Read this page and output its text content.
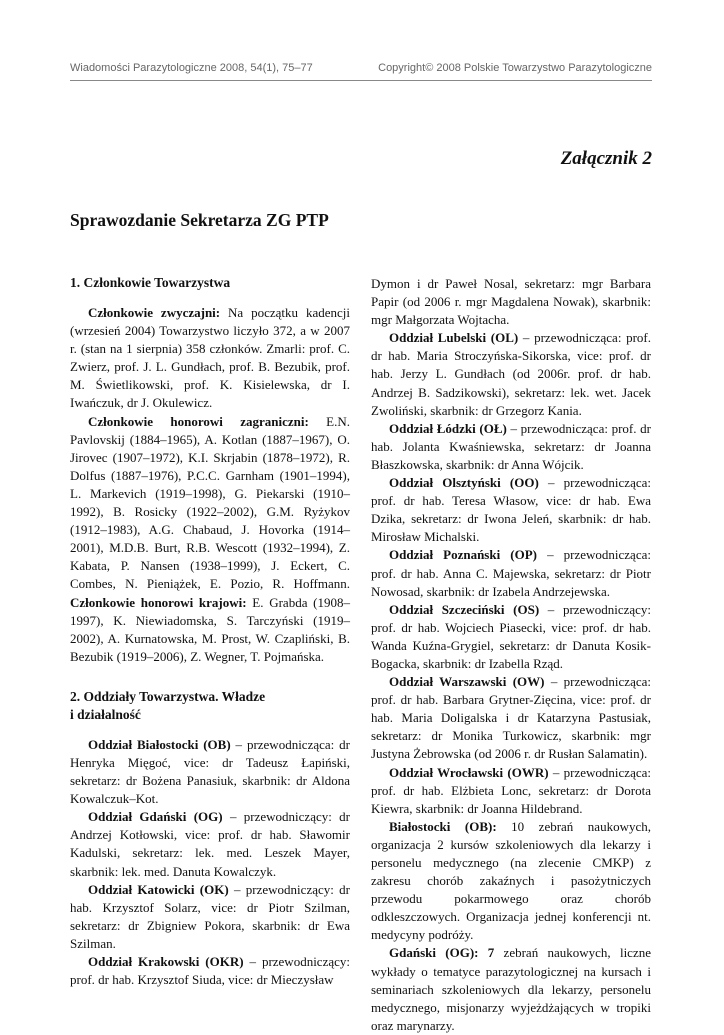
Wiadomości Parazytologiczne 2008, 54(1), 75–77	Copyright© 2008 Polskie Towarzystwo Parazytologiczne
Załącznik 2
Sprawozdanie Sekretarza ZG PTP
1. Członkowie Towarzystwa

Członkowie zwyczajni: Na początku kadencji (wrzesień 2004) Towarzystwo liczyło 372, a w 2007 r. (stan na 1 sierpnia) 358 członków. Zmarli: prof. C. Zwierz, prof. J. L. Gundłach, prof. B. Bezubik, prof. M. Świetlikowski, prof. K. Kisielewska, dr I. Iwańczuk, dr J. Okulewicz.

Członkowie honorowi zagraniczni: E.N. Pavlovskij (1884–1965), A. Kotlan (1887–1967), O. Jirovec (1907–1972), K.I. Skrjabin (1878–1972), R. Dolfus (1887–1976), P.C.C. Garnham (1901–1994), L. Markevich (1919–1998), G. Piekarski (1910–1992), B. Rosicky (1922–2002), G.M. Ryżykov (1912–1983), A.G. Chabaud, J. Hovorka (1914–2001), M.D.B. Burt, R.B. Wescott (1932–1994), Z. Kabata, P. Nansen (1938–1999), J. Eckert, C. Combes, N. Pieniążek, E. Pozio, R. Hoffmann. Członkowie honorowi krajowi: E. Grabda (1908–1997), K. Niewiadomska, S. Tarczyński (1919–2002), A. Kurnatowska, M. Prost, W. Czapliński, B. Bezubik (1919–2006), Z. Wegner, T. Pojmańska.

2. Oddziały Towarzystwa. Władze
i działalność

Oddział Białostocki (OB) – przewodnicząca: dr Henryka Mięgoć, vice: dr Tadeusz Łapiński, sekretarz: dr Bożena Panasiuk, skarbnik: dr Aldona Kowalczuk–Kot.

Oddział Gdański (OG) – przewodniczący: dr Andrzej Kotłowski, vice: prof. dr hab. Sławomir Kadulski, sekretarz: lek. med. Leszek Mayer, skarbnik: lek. med. Danuta Kowalczyk.

Oddział Katowicki (OK) – przewodniczący: dr hab. Krzysztof Solarz, vice: dr Piotr Szilman, sekretarz: dr Zbigniew Pokora, skarbnik: dr Ewa Szilman.

Oddział Krakowski (OKR) – przewodniczący: prof. dr hab. Krzysztof Siuda, vice: dr Mieczysław

Dymon i dr Paweł Nosal, sekretarz: mgr Barbara Papir (od 2006 r. mgr Magdalena Nowak), skarbnik: mgr Małgorzata Wojtacha.

Oddział Lubelski (OL) – przewodnicząca: prof. dr hab. Maria Stroczyńska-Sikorska, vice: prof. dr hab. Jerzy L. Gundłach (od 2006r. prof. dr hab. Andrzej B. Sadzikowski), sekretarz: lek. wet. Jacek Zwoliński, skarbnik: dr Grzegorz Kania.

Oddział Łódzki (OŁ) – przewodnicząca: prof. dr hab. Jolanta Kwaśniewska, sekretarz: dr Joanna Błaszkowska, skarbnik: dr Anna Wójcik.

Oddział Olsztyński (OO) – przewodnicząca: prof. dr hab. Teresa Własow, vice: dr hab. Ewa Dzika, sekretarz: dr Iwona Jeleń, skarbnik: dr hab. Mirosław Michalski.

Oddział Poznański (OP) – przewodnicząca: prof. dr hab. Anna C. Majewska, sekretarz: dr Piotr Nowosad, skarbnik: dr Izabela Andrzejewska.

Oddział Szczeciński (OS) – przewodniczący: prof. dr hab. Wojciech Piasecki, vice: prof. dr hab. Wanda Kuźna-Grygiel, sekretarz: dr Danuta Kosik-Bogacka, skarbnik: dr Izabella Rząd.

Oddział Warszawski (OW) – przewodnicząca: prof. dr hab. Barbara Grytner-Zięcina, vice: prof. dr hab. Maria Doligalska i dr Katarzyna Pastusiak, sekretarz: dr Monika Turkowicz, skarbnik: mgr Justyna Żebrowska (od 2006 r. dr Rusłan Salamatin).

Oddział Wrocławski (OWR) – przewodnicząca: prof. dr hab. Elżbieta Lonc, sekretarz: dr Dorota Kiewra, skarbnik: dr Joanna Hildebrand.

Białostocki (OB): 10 zebrań naukowych, organizacja 2 kursów szkoleniowych dla lekarzy i personelu medycznego (na zlecenie CMKP) z zakresu chorób zakaźnych i pasożytniczych przewodu pokarmowego oraz chorób odkleszczowych. Organizacja jednej konferencji nt. medycyny podróży.

Gdański (OG): 7 zebrań naukowych, liczne wykłady o tematyce parazytologicznej na kursach i seminariach szkoleniowych dla lekarzy, personelu medycznego, misjonarzy wyjeżdżających w tropiki oraz marynarzy.
